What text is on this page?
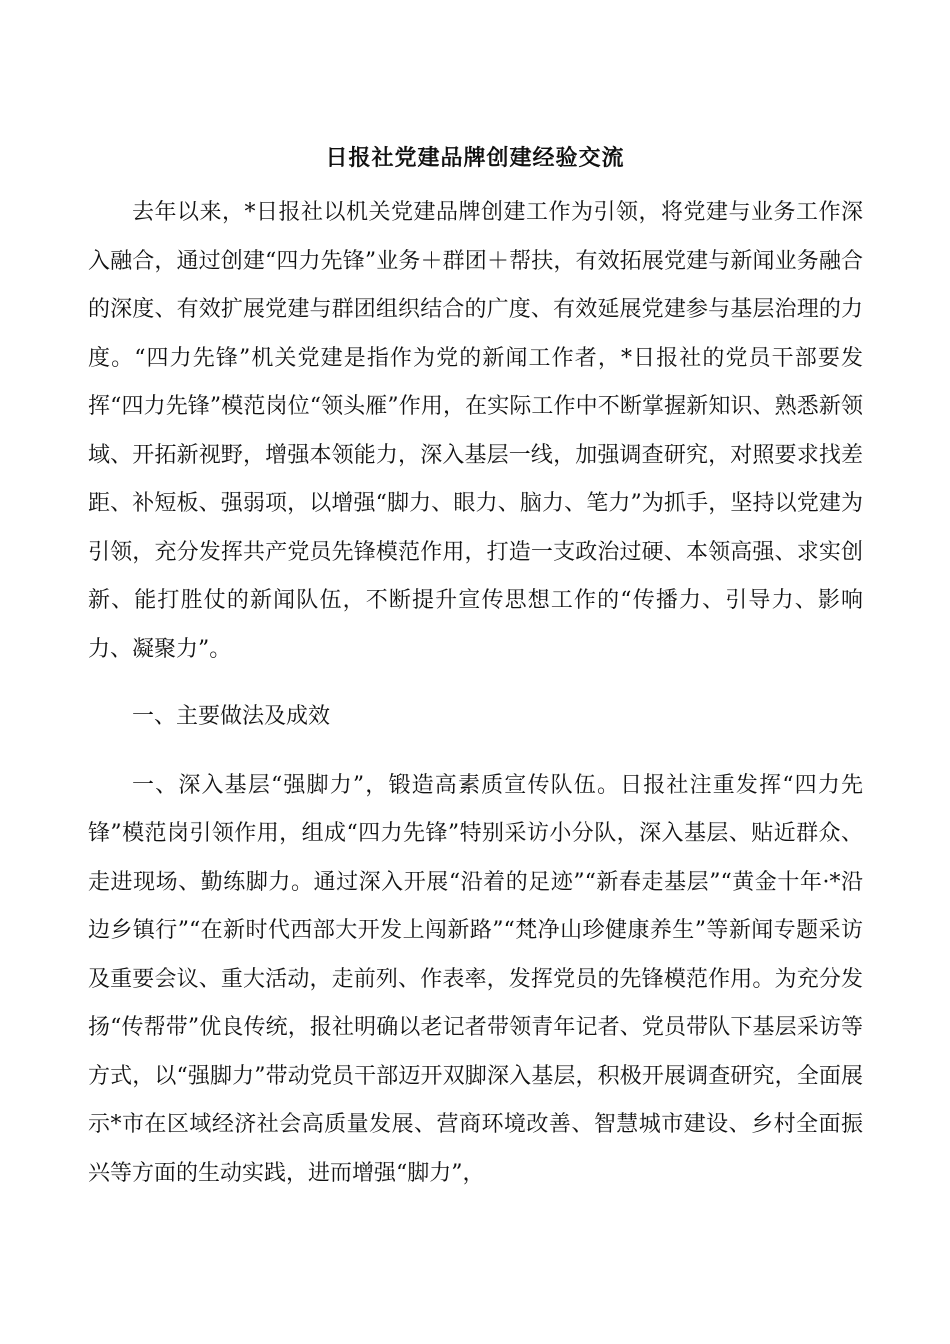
日报社党建品牌创建经验交流

去年以来，*日报社以机关党建品牌创建工作为引领，将党建与业务工作深入融合，通过创建“四力先锋”业务＋群团＋帮扶，有效拓展党建与新闻业务融合的深度、有效扩展党建与群团组织结合的广度、有效延展党建参与基层治理的力度。“四力先锋”机关党建是指作为党的新闻工作者，*日报社的党员干部要发挥“四力先锋”模范岗位“领头雁”作用，在实际工作中不断掌握新知识、熟悉新领域、开拓新视野，增强本领能力，深入基层一线，加强调查研究，对照要求找差距、补短板、强弱项，以增强“脚力、眼力、脑力、笔力”为抓手，坚持以党建为引领，充分发挥共产党员先锋模范作用，打造一支政治过硬、本领高强、求实创新、能打胜仗的新闻队伍，不断提升宣传思想工作的“传播力、引导力、影响力、凝聚力”。

一、主要做法及成效

一、深入基层“强脚力”，锻造高素质宣传队伍。日报社注重发挥“四力先锋”模范岗引领作用，组成“四力先锋”特别采访小分队，深入基层、贴近群众、走进现场、勤练脚力。通过深入开展“沿着的足迹”“新春走基层”“黄金十年·*沿边乡镇行”“在新时代西部大开发上闯新路”“梵净山珍健康养生”等新闻专题采访及重要会议、重大活动，走前列、作表率，发挥党员的先锋模范作用。为充分发扬“传帮带”优良传统，报社明确以老记者带领青年记者、党员带队下基层采访等方式，以“强脚力”带动党员干部迈开双脚深入基层，积极开展调查研究，全面展示*市在区域经济社会高质量发展、营商环境改善、智慧城市建设、乡村全面振兴等方面的生动实践，进而增强“脚力”，
